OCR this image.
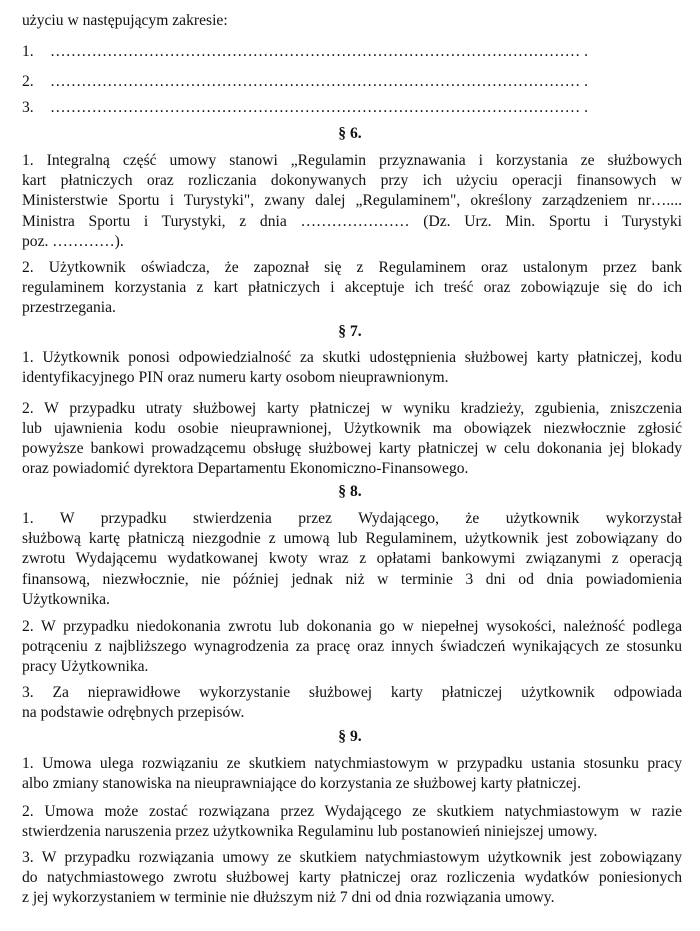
użyciu w następującym zakresie:

1. ………………………………………………………………………………………… .
2. ………………………………………………………………………………………… .
3. ………………………………………………………………………………………… .

§ 6.

1. Integralną część umowy stanowi „Regulamin przyznawania i korzystania ze służbowych

kart płatniczych oraz rozliczania dokonywanych przy ich użyciu operacji finansowych w

Ministerstwie Sportu i Turystyki", zwany dalej „Regulaminem", określony zarządzeniem nr…....

Ministra Sportu i Turystyki, z dnia ………………… (Dz. Urz. Min. Sportu i Turystyki

poz. …………).

2. Użytkownik oświadcza, że zapoznał się z Regulaminem oraz ustalonym przez bank

regulaminem korzystania z kart płatniczych i akceptuje ich treść oraz zobowiązuje się do ich

przestrzegania.

§ 7.

1. Użytkownik ponosi odpowiedzialność za skutki udostępnienia służbowej karty płatniczej, kodu

identyfikacyjnego PIN oraz numeru karty osobom nieuprawnionym.

2. W przypadku utraty służbowej karty płatniczej w wyniku kradzieży, zgubienia, zniszczenia

lub ujawnienia kodu osobie nieuprawnionej, Użytkownik ma obowiązek niezwłocznie zgłosić

powyższe bankowi prowadzącemu obsługę służbowej karty płatniczej w celu dokonania jej blokady

oraz powiadomić dyrektora Departamentu Ekonomiczno-Finansowego.

§ 8.

1. W przypadku stwierdzenia przez Wydającego, że użytkownik wykorzystał

służbową kartę płatniczą niezgodnie z umową lub Regulaminem, użytkownik jest zobowiązany do

zwrotu Wydającemu wydatkowanej kwoty wraz z opłatami bankowymi związanymi z operacją

finansową, niezwłocznie, nie później jednak niż w terminie 3 dni od dnia powiadomienia

Użytkownika.

2. W przypadku niedokonania zwrotu lub dokonania go w niepełnej wysokości, należność podlega

potrąceniu z najbliższego wynagrodzenia za pracę oraz innych świadczeń wynikających ze stosunku

pracy Użytkownika.

3. Za nieprawidłowe wykorzystanie służbowej karty płatniczej użytkownik odpowiada

na podstawie odrębnych przepisów.

§ 9.

1. Umowa ulega rozwiązaniu ze skutkiem natychmiastowym w przypadku ustania stosunku pracy

albo zmiany stanowiska na nieuprawniające do korzystania ze służbowej karty płatniczej.

2. Umowa może zostać rozwiązana przez Wydającego ze skutkiem natychmiastowym w razie

stwierdzenia naruszenia przez użytkownika Regulaminu lub postanowień niniejszej umowy.

3. W przypadku rozwiązania umowy ze skutkiem natychmiastowym użytkownik jest zobowiązany

do natychmiastowego zwrotu służbowej karty płatniczej oraz rozliczenia wydatków poniesionych

z jej wykorzystaniem w terminie nie dłuższym niż 7 dni od dnia rozwiązania umowy.
